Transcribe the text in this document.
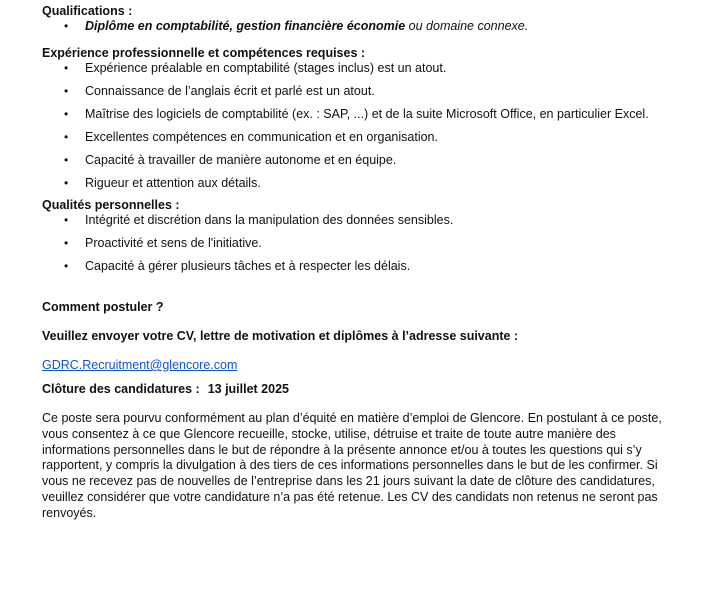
Qualifications :

• Diplôme en comptabilité, gestion financière économie ou domaine connexe.

Expérience professionnelle et compétences requises :

• Expérience préalable en comptabilité (stages inclus) est un atout.
• Connaissance de l’anglais écrit et parlé est un atout.
• Maîtrise des logiciels de comptabilité (ex. : SAP, ...) et de la suite Microsoft Office, en particulier Excel.
• Excellentes compétences en communication et en organisation.
• Capacité à travailler de manière autonome et en équipe.
• Rigueur et attention aux détails.

Qualités personnelles :

• Intégrité et discrétion dans la manipulation des données sensibles.
• Proactivité et sens de l'initiative.
• Capacité à gérer plusieurs tâches et à respecter les délais.

Comment postuler ?

Veuillez envoyer votre CV, lettre de motivation et diplômes à l’adresse suivante :

GDRC.Recruitment@glencore.com

Clôture des candidatures : 13 juillet 2025

Ce poste sera pourvu conformément au plan d’équité en matière d’emploi de Glencore. En postulant à ce poste, vous consentez à ce que Glencore recueille, stocke, utilise, détruise et traite de toute autre manière des informations personnelles dans le but de répondre à la présente annonce et/ou à toutes les questions qui s’y rapportent, y compris la divulgation à des tiers de ces informations personnelles dans le but de les confirmer. Si vous ne recevez pas de nouvelles de l’entreprise dans les 21 jours suivant la date de clôture des candidatures, veuillez considérer que votre candidature n’a pas été retenue. Les CV des candidats non retenus ne seront pas renvoyés.
